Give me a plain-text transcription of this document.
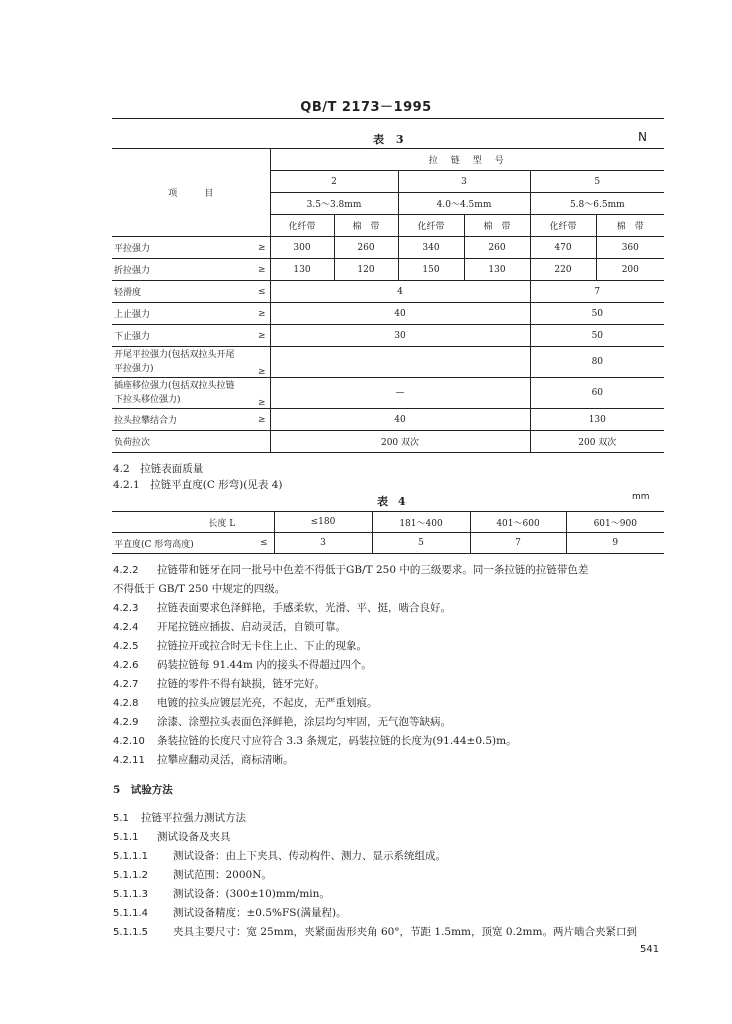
QB/T 2173－1995
表 3	N
项　　　目		拉　链　型　号					
		2		3		5	
		3.5～3.8mm		4.0～4.5mm		5.8～6.5mm	
		化纤带	棉　带	化纤带	棉　带	化纤带	棉　带
平拉强力	≥	300	260	340	260	470	360
折拉强力	≥	130	120	150	130	220	200
轻滑度	≤	4				7	
上止强力	≥	40				50	
下止强力	≥	30				50	
开尾平拉强力(包括双拉头开尾平拉强力)	≥					80	
插座移位强力(包括双拉头拉链下拉头移位强力)	≥	—				60	
拉头拉攀结合力	≥	40				130	
负荷拉次		200 双次				200 双次	
4.2　拉链表面质量
4.2.1　拉链平直度(C 形弯)(见表 4)
表 4	mm
长度 L		≤180	181～400	401～600	601～900
平直度(C 形弯高度)	≤	3	5	7	9
4.2.2 拉链带和链牙在同一批号中色差不得低于GB/T 250 中的三级要求。同一条拉链的拉链带色差
不得低于 GB/T 250 中规定的四级。
4.2.3 拉链表面要求色泽鲜艳，手感柔软，光滑、平、挺，啮合良好。
4.2.4 开尾拉链应插拔、启动灵活，自锁可靠。
4.2.5 拉链拉开或拉合时无卡住上止、下止的现象。
4.2.6 码装拉链每 91.44m 内的接头不得超过四个。
4.2.7 拉链的零件不得有缺损，链牙完好。
4.2.8 电镀的拉头应镀层光亮，不起皮，无严重划痕。
4.2.9 涂漆、涂塑拉头表面色泽鲜艳，涂层均匀牢固，无气泡等缺病。
4.2.10 条装拉链的长度尺寸应符合 3.3 条规定，码装拉链的长度为(91.44±0.5)m。
4.2.11 拉攀应翻动灵活，商标清晰。
5　试验方法
5.1 拉链平拉强力测试方法
5.1.1 测试设备及夹具
5.1.1.1 测试设备：由上下夹具、传动构件、测力、显示系统组成。
5.1.1.2 测试范围：2000N。
5.1.1.3 测试设备：(300±10)mm/min。
5.1.1.4 测试设备精度：±0.5%FS(满量程)。
5.1.1.5 夹具主要尺寸：宽 25mm，夹紧面齿形夹角 60°，节距 1.5mm，顶宽 0.2mm。两片啮合夹紧口到
541
